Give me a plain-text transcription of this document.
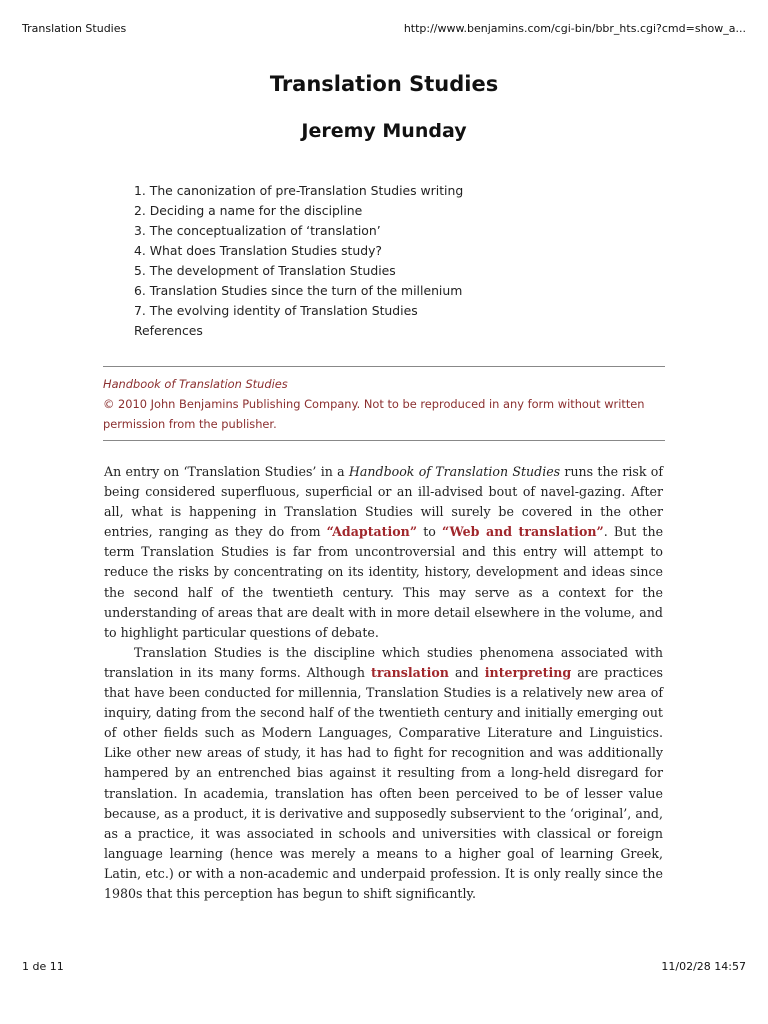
Translation Studies	http://www.benjamins.com/cgi-bin/bbr_hts.cgi?cmd=show_a...
Translation Studies
Jeremy Munday
1. The canonization of pre-Translation Studies writing
2. Deciding a name for the discipline
3. The conceptualization of ‘translation’
4. What does Translation Studies study?
5. The development of Translation Studies
6. Translation Studies since the turn of the millenium
7. The evolving identity of Translation Studies
References
Handbook of Translation Studies
© 2010 John Benjamins Publishing Company. Not to be reproduced in any form without written permission from the publisher.

An entry on ‘Translation Studies’ in a Handbook of Translation Studies runs the risk of being considered superfluous, superficial or an ill-advised bout of navel-gazing. After all, what is happening in Translation Studies will surely be covered in the other entries, ranging as they do from “Adaptation” to “Web and translation”. But the term Translation Studies is far from uncontroversial and this entry will attempt to reduce the risks by concentrating on its identity, history, development and ideas since the second half of the twentieth century. This may serve as a context for the understanding of areas that are dealt with in more detail elsewhere in the volume, and to highlight particular questions of debate.

Translation Studies is the discipline which studies phenomena associated with translation in its many forms. Although translation and interpreting are practices that have been conducted for millennia, Translation Studies is a relatively new area of inquiry, dating from the second half of the twentieth century and initially emerging out of other fields such as Modern Languages, Comparative Literature and Linguistics. Like other new areas of study, it has had to fight for recognition and was additionally hampered by an entrenched bias against it resulting from a long-held disregard for translation. In academia, translation has often been perceived to be of lesser value because, as a product, it is derivative and supposedly subservient to the ‘original’, and, as a practice, it was associated in schools and universities with classical or foreign language learning (hence was merely a means to a higher goal of learning Greek, Latin, etc.) or with a non-academic and underpaid profession. It is only really since the 1980s that this perception has begun to shift significantly.

1 de 11	11/02/28 14:57
